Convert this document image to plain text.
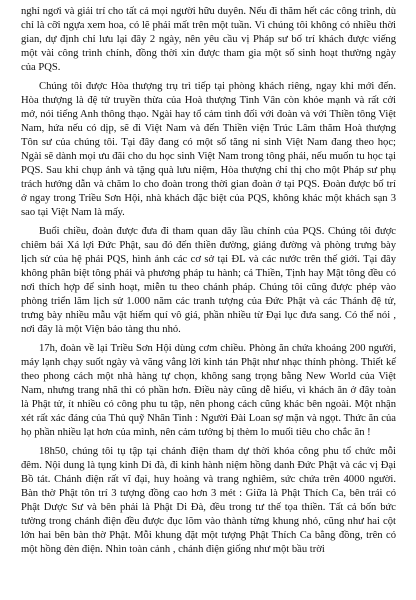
nghỉ ngơi và giải trí cho tất cả mọi người hữu duyên. Nếu đi thăm hết các công trình, dù chỉ là cỡi ngựa xem hoa, có lẽ phải mất trên một tuần. Vì chúng tôi không có nhiều thời gian, dự định chỉ lưu lại đây 2 ngày, nên yêu cầu vị Pháp sư bố trí khách được viếng một vài công trình chính, đồng thời xin được tham gia một số sinh hoạt thường ngày của PQS.

Chúng tôi được Hòa thượng trụ trì tiếp tại phòng khách riêng, ngay khi mới đến. Hòa thượng là đệ tử truyền thừa của Hoà thượng Tinh Vân còn khỏe mạnh và rất cởi mở, nói tiếng Anh thông thạo. Ngài hay tổ cảm tình đối với đoàn và với Thiền tông Việt Nam, hứa nếu có dịp, sẽ đi Việt Nam và đến Thiền viện Trúc Lâm thăm Hoà thượng Tôn sư của chúng tôi. Tại đây đang có một số tăng ni sinh Việt Nam đang theo học; Ngài sẽ dành mọi ưu đãi cho du học sinh Việt Nam trong tông phái, nếu muốn tu học tại PQS. Sau khi chụp ảnh và tặng quà lưu niệm, Hòa thượng chỉ thị cho một Pháp sư phụ trách hướng dẫn và chăm lo cho đoàn trong thời gian đoàn ở tại PQS. Đoàn được bố trí ở ngay trong Triều Sơn Hội, nhà khách đặc biệt của PQS, không khác một khách sạn 3 sao tại Việt Nam là mấy.

Buổi chiều, đoàn được đưa đi tham quan dãy lầu chính của PQS. Chúng tôi được chiêm bái Xá lợi Đức Phật, sau đó đến thiền đường, giảng đường và phòng trưng bày lịch sử của hệ phái PQS, hình ảnh các cơ sở tại ĐL và các nước trên thế giới. Tại đây không phân biệt tông phái và phương pháp tu hành; cả Thiền, Tịnh hay Mật tông đều có nơi thích hợp để sinh hoạt, miễn tu theo chánh pháp. Chúng tôi cũng được phép vào phòng triển lãm lịch sử 1.000 năm các tranh tượng của Đức Phật và các Thánh đệ tử, trưng bày nhiều mẫu vật hiếm quí vô giá, phần nhiều từ Đại lục đưa sang. Có thể nói , nơi đây là một Viện bảo tàng thu nhỏ.

17h, đoàn về lại Triều Sơn Hội dùng cơm chiều. Phòng ăn chứa khoảng 200 người, máy lạnh chạy suốt ngày và vãng vẳng lời kinh tán Phật như nhạc thính phòng. Thiết kế theo phong cách một nhà hàng tự chọn, không sang trọng bằng New World của Việt Nam, nhưng trang nhã thì có phần hơn. Điều này cũng dễ hiểu, vì khách ăn ở đây toàn là Phật tử, ít nhiều có công phu tu tập, nên phong cách cũng khác bên ngoài. Một nhận xét rất xác đáng của Thủ quỹ Nhân Tinh : Người Đài Loan sợ mặn và ngọt. Thức ăn của họ phần nhiều lạt hơn của mình, nên cảm tưởng bị thèm lo muối tiêu cho chắc ăn !

18h50, chúng tôi tụ tập tại chánh điện tham dự thời khóa công phu tổ chức mỗi đêm. Nội dung là tụng kinh Di đà, đi kinh hành niệm hồng danh Đức Phật và các vị Đại Bồ tát. Chánh điện rất vĩ đại, huy hoàng và trang nghiêm, sức chứa trên 4000 người. Bàn thờ Phật tôn trí 3 tượng đồng cao hơn 3 mét : Giữa là Phật Thích Ca, bên trái có Phật Dược Sư và bên phải là Phật Di Đà, đều trong tư thế tọa thiền. Tất cả bốn bức tường trong chánh điện đều được đục lõm vào thành từng khung nhỏ, cũng như hai cột lớn hai bên bàn thờ Phật. Mỗi khung đặt một tượng Phật Thích Ca bằng đồng, trên có một hồng đèn điện. Nhìn toàn cảnh , chánh điện giống như một bầu trời
